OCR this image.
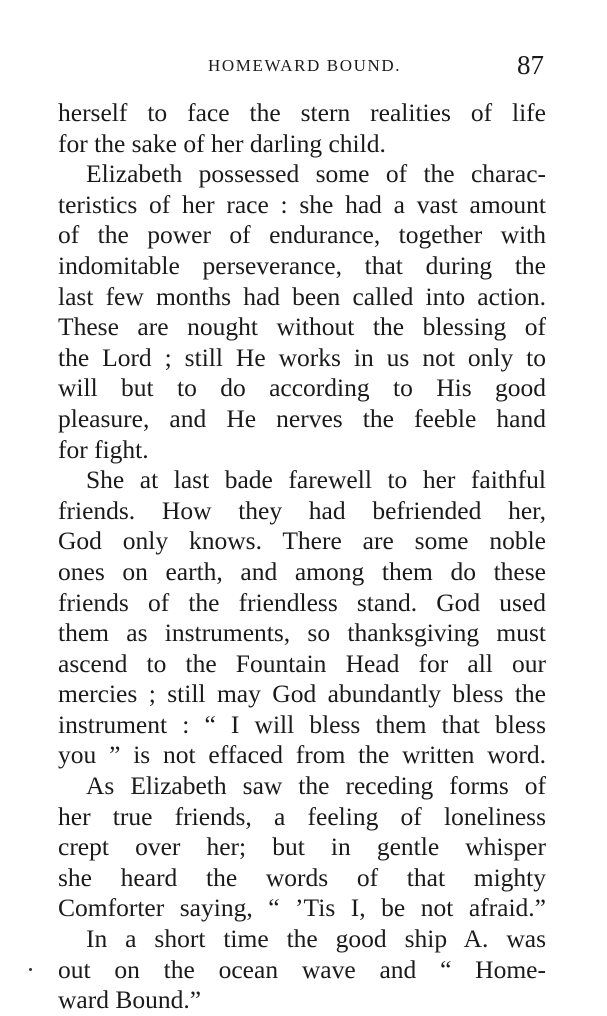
HOMEWARD BOUND.	87
herself to face the stern realities of life
for the sake of her darling child.
Elizabeth possessed some of the charac-
teristics of her race : she had a vast amount
of the power of endurance, together with
indomitable perseverance, that during the
last few months had been called into action.
These are nought without the blessing of
the Lord ; still He works in us not only to
will but to do according to His good
pleasure, and He nerves the feeble hand
for fight.
She at last bade farewell to her faithful
friends. How they had befriended her,
God only knows. There are some noble
ones on earth, and among them do these
friends of the friendless stand. God used
them as instruments, so thanksgiving must
ascend to the Fountain Head for all our
mercies ; still may God abundantly bless the
instrument : “ I will bless them that bless
you ” is not effaced from the written word.
As Elizabeth saw the receding forms of
her true friends, a feeling of loneliness
crept over her; but in gentle whisper
she heard the words of that mighty
Comforter saying, “ ’Tis I, be not afraid.”
In a short time the good ship A. was
out on the ocean wave and “ Home-
ward Bound.”
